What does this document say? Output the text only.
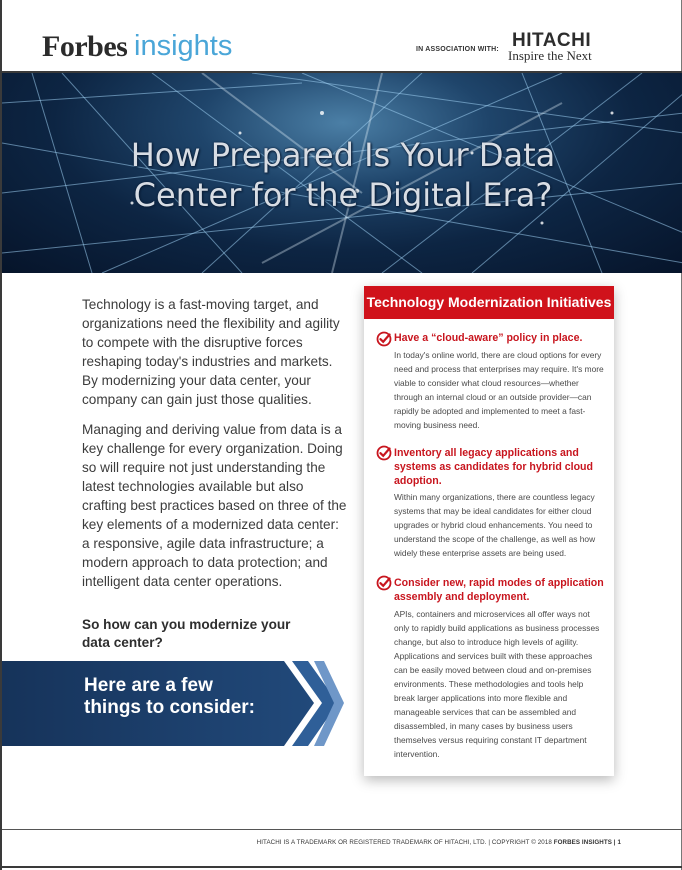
Forbes insights	IN ASSOCIATION WITH: HITACHI
Inspire the Next
How Prepared Is Your Data
Center for the Digital Era?

Technology is a fast-moving target, and organizations need the flexibility and agility to compete with the disruptive forces reshaping today's industries and markets. By modernizing your data center, your company can gain just those qualities.

Managing and deriving value from data is a key challenge for every organization. Doing so will require not just understanding the latest technologies available but also crafting best practices based on three of the key elements of a modernized data center: a responsive, agile data infrastructure; a modern approach to data protection; and intelligent data center operations.

So how can you modernize your data center?

Here are a few
things to consider:
Technology Modernization Initiatives

Have a “cloud-aware” policy in place.

In today's online world, there are cloud options for every need and process that enterprises may require. It's more viable to consider what cloud resources—whether through an internal cloud or an outside provider—can rapidly be adopted and implemented to meet a fast-moving business need.

Inventory all legacy applications and systems as candidates for hybrid cloud adoption.

Within many organizations, there are countless legacy systems that may be ideal candidates for either cloud upgrades or hybrid cloud enhancements. You need to understand the scope of the challenge, as well as how widely these enterprise assets are being used.

Consider new, rapid modes of application assembly and deployment.

APIs, containers and microservices all offer ways not only to rapidly build applications as business processes change, but also to introduce high levels of agility. Applications and services built with these approaches can be easily moved between cloud and on-premises environments. These methodologies and tools help break larger applications into more flexible and manageable services that can be assembled and disassembled, in many cases by business users themselves versus requiring constant IT department intervention.

HITACHI IS A TRADEMARK OR REGISTERED TRADEMARK OF HITACHI, LTD. | COPYRIGHT © 2018 FORBES INSIGHTS | 1
